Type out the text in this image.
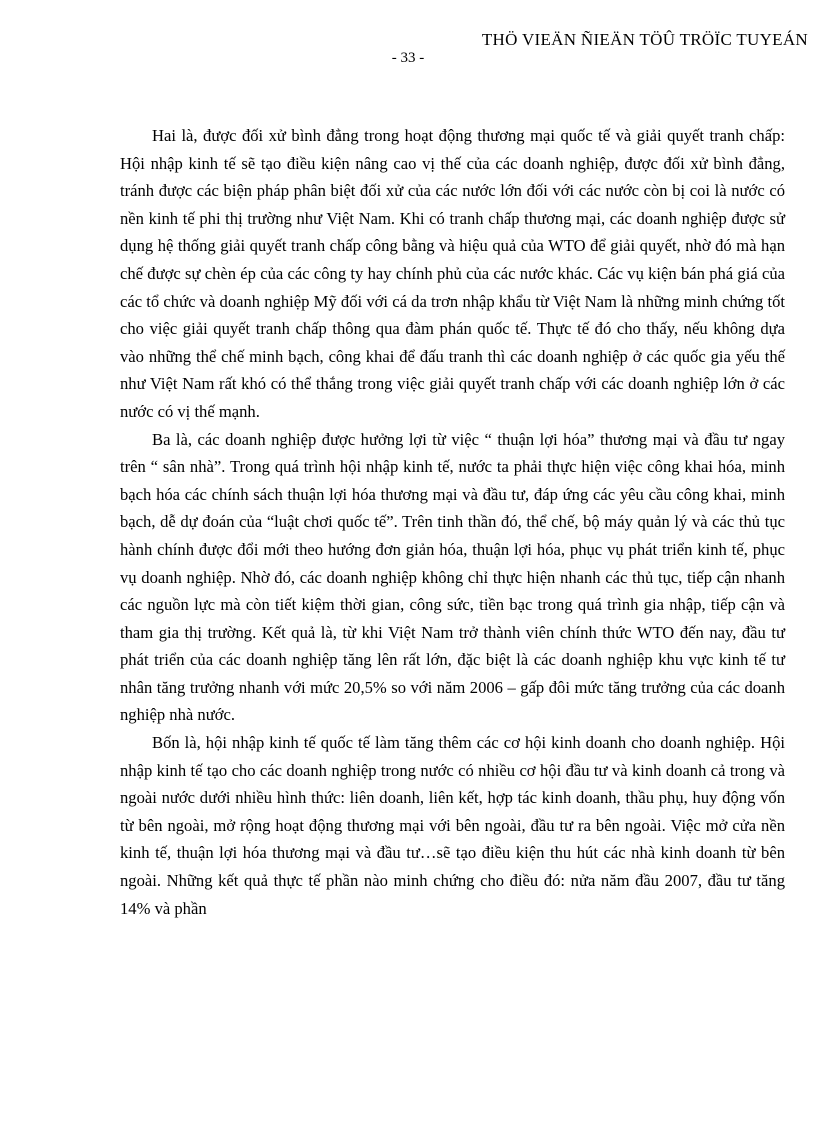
THÖ VIEÄN ÑIEÄN TÖÛ TRÖÏC TUYEÁN
- 33 -

Hai là, được đối xử bình đẳng trong hoạt động thương mại quốc tế và giải quyết tranh chấp: Hội nhập kinh tế sẽ tạo điều kiện nâng cao vị thế của các doanh nghiệp, được đối xử bình đẳng, tránh được các biện pháp phân biệt đối xử của các nước lớn đối với các nước còn bị coi là nước có nền kinh tế phi thị trường như Việt Nam. Khi có tranh chấp thương mại, các doanh nghiệp được sử dụng hệ thống giải quyết tranh chấp công bằng và hiệu quả của WTO để giải quyết, nhờ đó mà hạn chế được sự chèn ép của các công ty hay chính phủ của các nước khác. Các vụ kiện bán phá giá của các tổ chức và doanh nghiệp Mỹ đối với cá da trơn nhập khẩu từ Việt Nam là những minh chứng tốt cho việc giải quyết tranh chấp thông qua đàm phán quốc tế. Thực tế đó cho thấy, nếu không dựa vào những thể chế minh bạch, công khai để đấu tranh thì các doanh nghiệp ở các quốc gia yếu thế như Việt Nam rất khó có thể thắng trong việc giải quyết tranh chấp với các doanh nghiệp lớn ở các nước có vị thế mạnh.

Ba là, các doanh nghiệp được hưởng lợi từ việc “ thuận lợi hóa” thương mại và đầu tư ngay trên “ sân nhà”. Trong quá trình hội nhập kinh tế, nước ta phải thực hiện việc công khai hóa, minh bạch hóa các chính sách thuận lợi hóa thương mại và đầu tư, đáp ứng các yêu cầu công khai, minh bạch, dễ dự đoán của “luật chơi quốc tế”. Trên tinh thần đó, thể chế, bộ máy quản lý và các thủ tục hành chính được đổi mới theo hướng đơn giản hóa, thuận lợi hóa, phục vụ phát triển kinh tế, phục vụ doanh nghiệp. Nhờ đó, các doanh nghiệp không chỉ thực hiện nhanh các thủ tục, tiếp cận nhanh các nguồn lực mà còn tiết kiệm thời gian, công sức, tiền bạc trong quá trình gia nhập, tiếp cận và tham gia thị trường. Kết quả là, từ khi Việt Nam trở thành viên chính thức WTO đến nay, đầu tư phát triển của các doanh nghiệp tăng lên rất lớn, đặc biệt là các doanh nghiệp khu vực kinh tế tư nhân tăng trưởng nhanh với mức 20,5% so với năm 2006 – gấp đôi mức tăng trưởng của các doanh nghiệp nhà nước.

Bốn là, hội nhập kinh tế quốc tế làm tăng thêm các cơ hội kinh doanh cho doanh nghiệp. Hội nhập kinh tế tạo cho các doanh nghiệp trong nước có nhiều cơ hội đầu tư và kinh doanh cả trong và ngoài nước dưới nhiều hình thức: liên doanh, liên kết, hợp tác kinh doanh, thầu phụ, huy động vốn từ bên ngoài, mở rộng hoạt động thương mại với bên ngoài, đầu tư ra bên ngoài. Việc mở cửa nền kinh tế, thuận lợi hóa thương mại và đầu tư…sẽ tạo điều kiện thu hút các nhà kinh doanh từ bên ngoài. Những kết quả thực tế phần nào minh chứng cho điều đó: nửa năm đầu 2007, đầu tư tăng 14% và phần
